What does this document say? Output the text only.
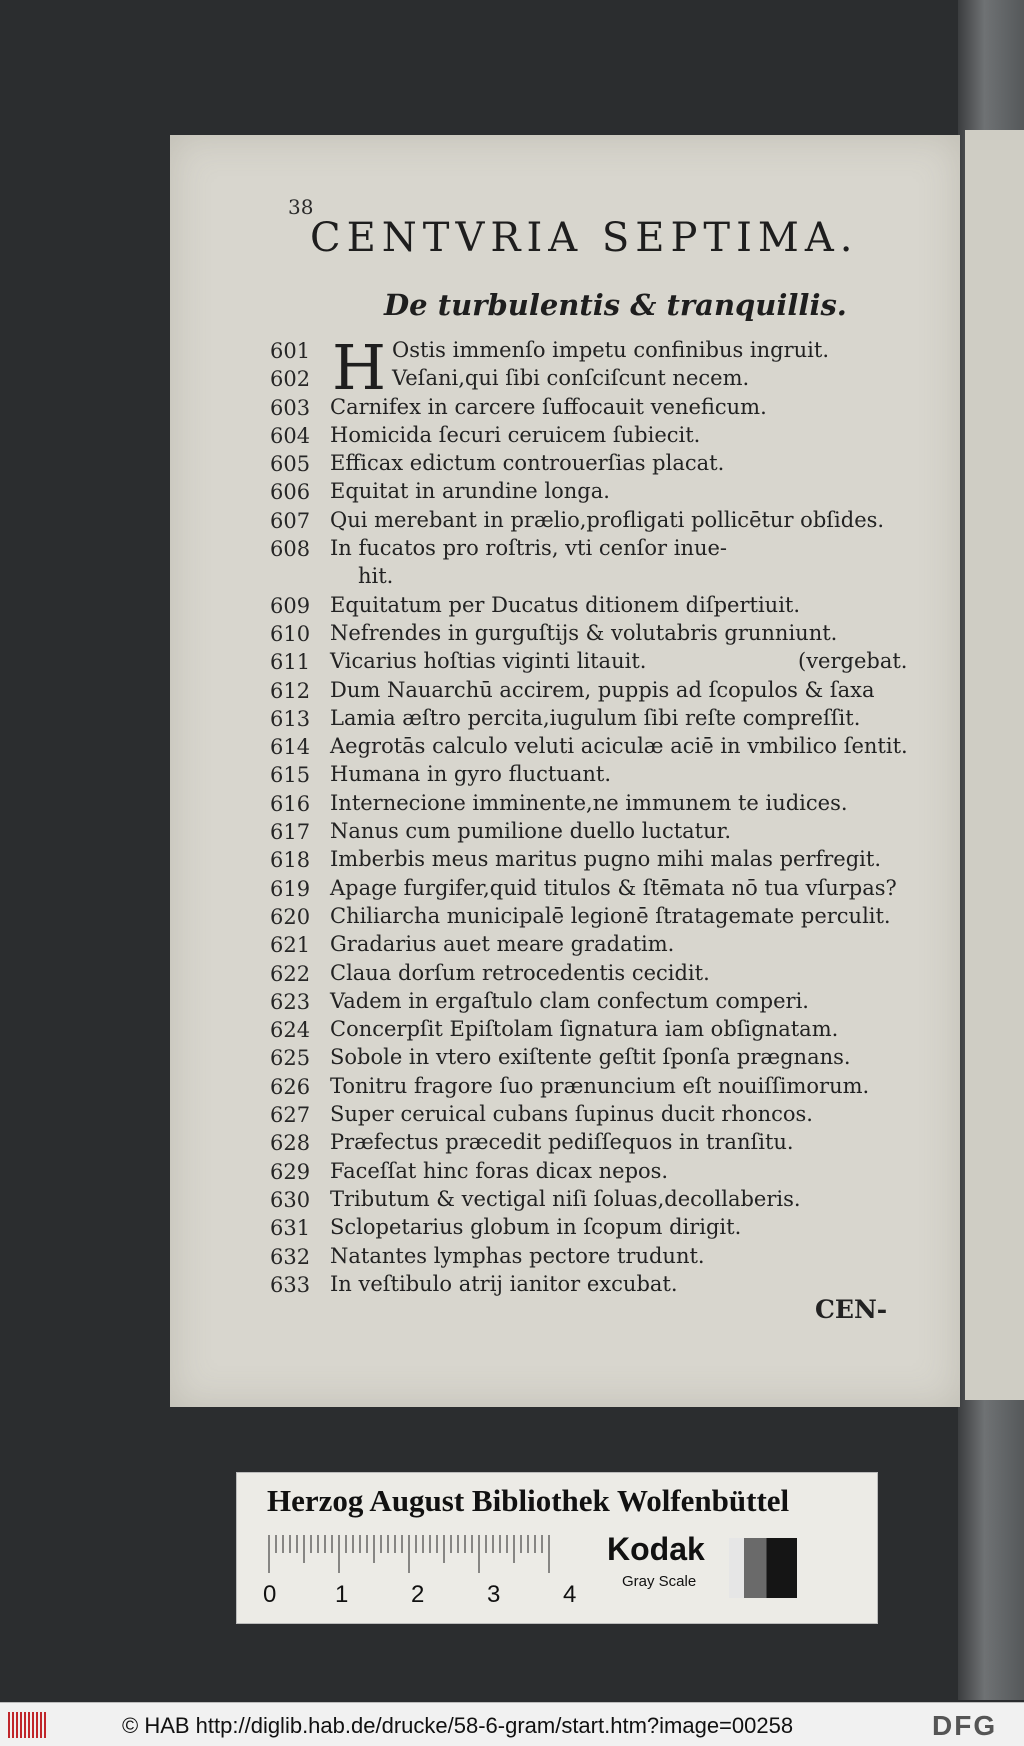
38
CENTVRIA SEPTIMA.
De turbulentis & tranquillis.
H
601	Ostis immenſo impetu confinibus ingruit.
602	Veſani,qui ſibi conſciſcunt necem.
603 Carnifex in carcere ſuffocauit veneficum.
604 Homicida ſecuri ceruicem ſubiecit.
605 Efficax edictum controuerſias placat.
606 Equitat in arundine longa.
607 Qui merebant in prælio,profligati pollicētur obſides.
608 In fucatos pro roſtris, vti cenſor inue-
hit.
609 Equitatum per Ducatus ditionem diſpertiuit.
610 Nefrendes in gurguſtijs & volutabris grunniunt.
611 Vicarius hoſtias viginti litauit.	(vergebat.
612 Dum Nauarchū accirem, puppis ad ſcopulos & ſaxa
613 Lamia æſtro percita,iugulum ſibi reſte compreſſit.
614 Aegrotās calculo veluti aciculæ aciē in vmbilico ſentit.
615 Humana in gyro fluctuant.
616 Internecione imminente,ne immunem te iudices.
617 Nanus cum pumilione duello luctatur.
618 Imberbis meus maritus pugno mihi malas perfregit.
619 Apage furgifer,quid titulos & ſtēmata nō tua vſurpas?
620 Chiliarcha municipalē legionē ſtratagemate perculit.
621 Gradarius auet meare gradatim.
622 Claua dorſum retrocedentis cecidit.
623 Vadem in ergaſtulo clam confectum comperi.
624 Concerpſit Epiſtolam ſignatura iam obſignatam.
625 Sobole in vtero exiſtente geſtit ſponſa prægnans.
626 Tonitru fragore ſuo prænuncium eſt nouiſſimorum.
627 Super ceruical cubans ſupinus ducit rhoncos.
628 Præfectus præcedit pediſſequos in tranſitu.
629 Faceſſat hinc foras dicax nepos.
630 Tributum & vectigal niſi ſoluas,decollaberis.
631 Sclopetarius globum in ſcopum dirigit.
632 Natantes lymphas pectore trudunt.
633 In veſtibulo atrij ianitor excubat.
CEN-
Herzog August Bibliothek Wolfenbüttel
0 1	2	3	4
Kodak
Gray Scale
© HAB http://diglib.hab.de/drucke/58-6-gram/start.htm?image=00258	DFG
